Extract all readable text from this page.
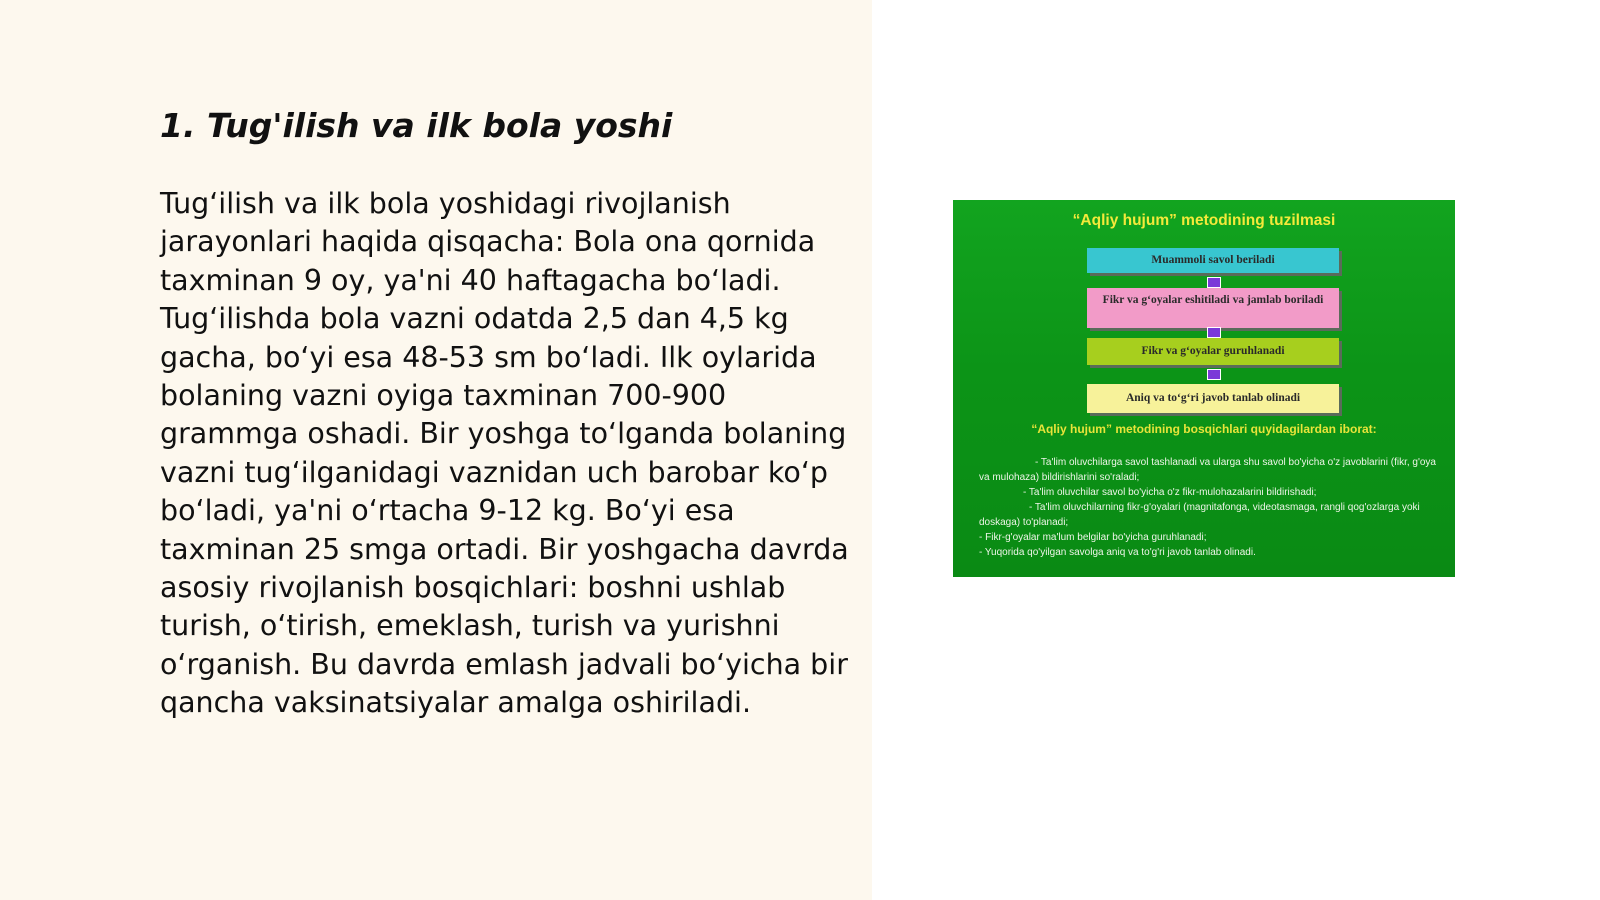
1. Tug'ilish va ilk bola yoshi

Tug‘ilish va ilk bola yoshidagi rivojlanish jarayonlari haqida qisqacha: Bola ona qornida taxminan 9 oy, ya'ni 40 haftagacha bo‘ladi. Tug‘ilishda bola vazni odatda 2,5 dan 4,5 kg gacha, bo‘yi esa 48-53 sm bo‘ladi. Ilk oylarida bolaning vazni oyiga taxminan 700-900 grammga oshadi. Bir yoshga to‘lganda bolaning vazni tug‘ilganidagi vaznidan uch barobar ko‘p bo‘ladi, ya'ni o‘rtacha 9-12 kg. Bo‘yi esa taxminan 25 smga ortadi. Bir yoshgacha davrda asosiy rivojlanish bosqichlari: boshni ushlab turish, o‘tirish, emeklash, turish va yurishni o‘rganish. Bu davrda emlash jadvali bo‘yicha bir qancha vaksinatsiyalar amalga oshiriladi.

“Aqliy hujum” metodining tuzilmasi
Muammoli savol beriladi
Fikr va g‘oyalar eshitiladi va jamlab boriladi
Fikr va g‘oyalar guruhlanadi
Aniq va to‘g‘ri javob tanlab olinadi
“Aqliy hujum” metodining bosqichlari quyidagilardan iborat:
- Ta'lim oluvchilarga savol tashlanadi va ularga shu savol bo'yicha o'z javoblarini (fikr, g'oya va mulohaza) bildirishlarini so'raladi;
- Ta'lim oluvchilar savol bo'yicha o'z fikr-mulohazalarini bildirishadi;
- Ta'lim oluvchilarning fikr-g'oyalari (magnitafonga, videotasmaga, rangli qog'ozlarga yoki doskaga) to'planadi;
- Fikr-g'oyalar ma'lum belgilar bo'yicha guruhlanadi;
- Yuqorida qo'yilgan savolga aniq va to'g'ri javob tanlab olinadi.
